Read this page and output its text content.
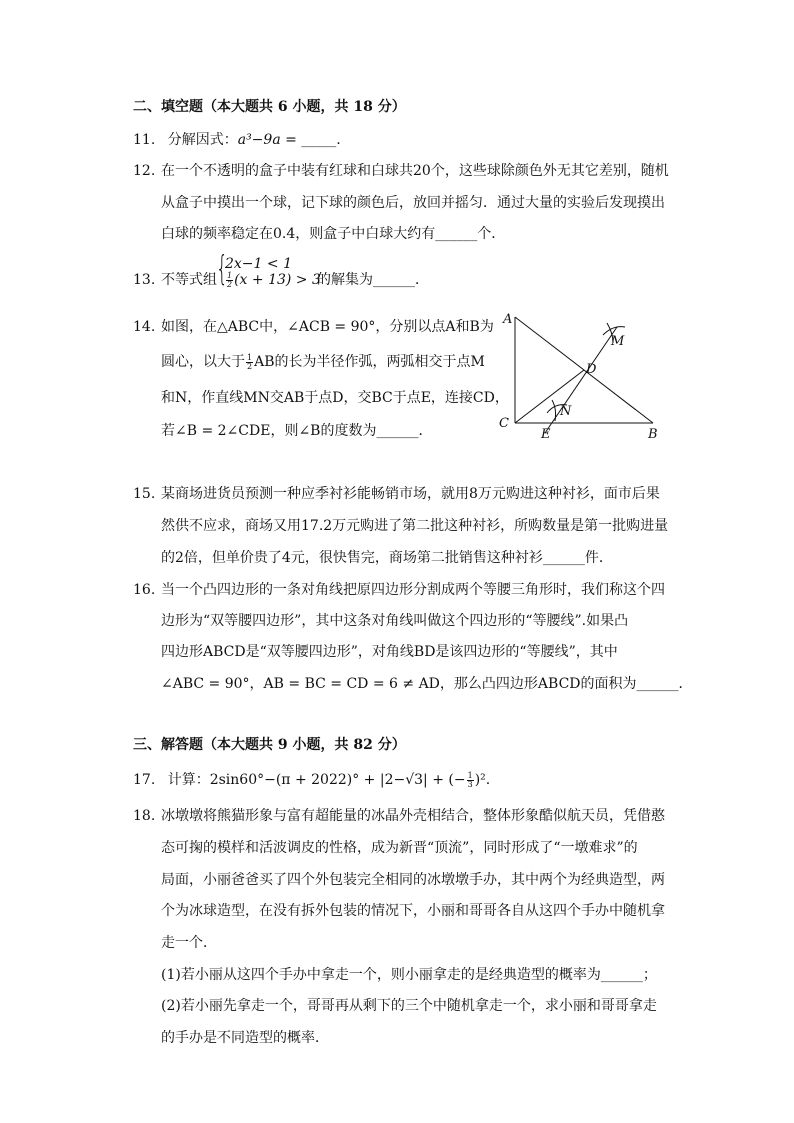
二、填空题（本大题共 6 小题，共 18 分）
11. 分解因式：a³−9a = _____.
12. 在一个不透明的盒子中装有红球和白球共20个，这些球除颜色外无其它差别，随机
从盒子中摸出一个球，记下球的颜色后，放回并摇匀．通过大量的实验后发现摸出
白球的频率稳定在0.4，则盒子中白球大约有______个．
13. 不等式组 {
2x−1 < 1
$\frac{1}{2} (x + 13) > 3$
的解集为______．
14. 如图，在△ABC中，∠ACB = 90°，分别以点A和B为
圆心，以大于 $\frac{1}{2}$ AB的长为半径作弧，两弧相交于点M
和N，作直线MN交AB于点D，交BC于点E，连接CD，
若∠B = 2∠CDE，则∠B的度数为______．
A
B
C
D
E
M
N
15. 某商场进货员预测一种应季衬衫能畅销市场，就用8万元购进这种衬衫，面市后果
然供不应求，商场又用17.2万元购进了第二批这种衬衫，所购数量是第一批购进量
的2倍，但单价贵了4元，很快售完，商场第二批销售这种衬衫______件．
16. 当一个凸四边形的一条对角线把原四边形分割成两个等腰三角形时，我们称这个四
边形为“双等腰四边形”，其中这条对角线叫做这个四边形的“等腰线”.如果凸
四边形ABCD是“双等腰四边形”，对角线BD是该四边形的“等腰线”，其中
∠ABC = 90°，AB = BC = CD = 6 ≠ AD，那么凸四边形ABCD的面积为______．
三、解答题（本大题共 9 小题，共 82 分）
17. 计算：2sin60°−(π + 2022)° + |2−√3| + (− $\frac{1}{3} )^2$.
18. 冰墩墩将熊猫形象与富有超能量的冰晶外壳相结合，整体形象酷似航天员，凭借憨
态可掬的模样和活波调皮的性格，成为新晋“顶流”，同时形成了“一墩难求”的
局面，小丽爸爸买了四个外包装完全相同的冰墩墩手办，其中两个为经典造型，两
个为冰球造型，在没有拆外包装的情况下，小丽和哥哥各自从这四个手办中随机拿
走一个．
(1)若小丽从这四个手办中拿走一个，则小丽拿走的是经典造型的概率为______；
(2)若小丽先拿走一个，哥哥再从剩下的三个中随机拿走一个，求小丽和哥哥拿走
的手办是不同造型的概率．
